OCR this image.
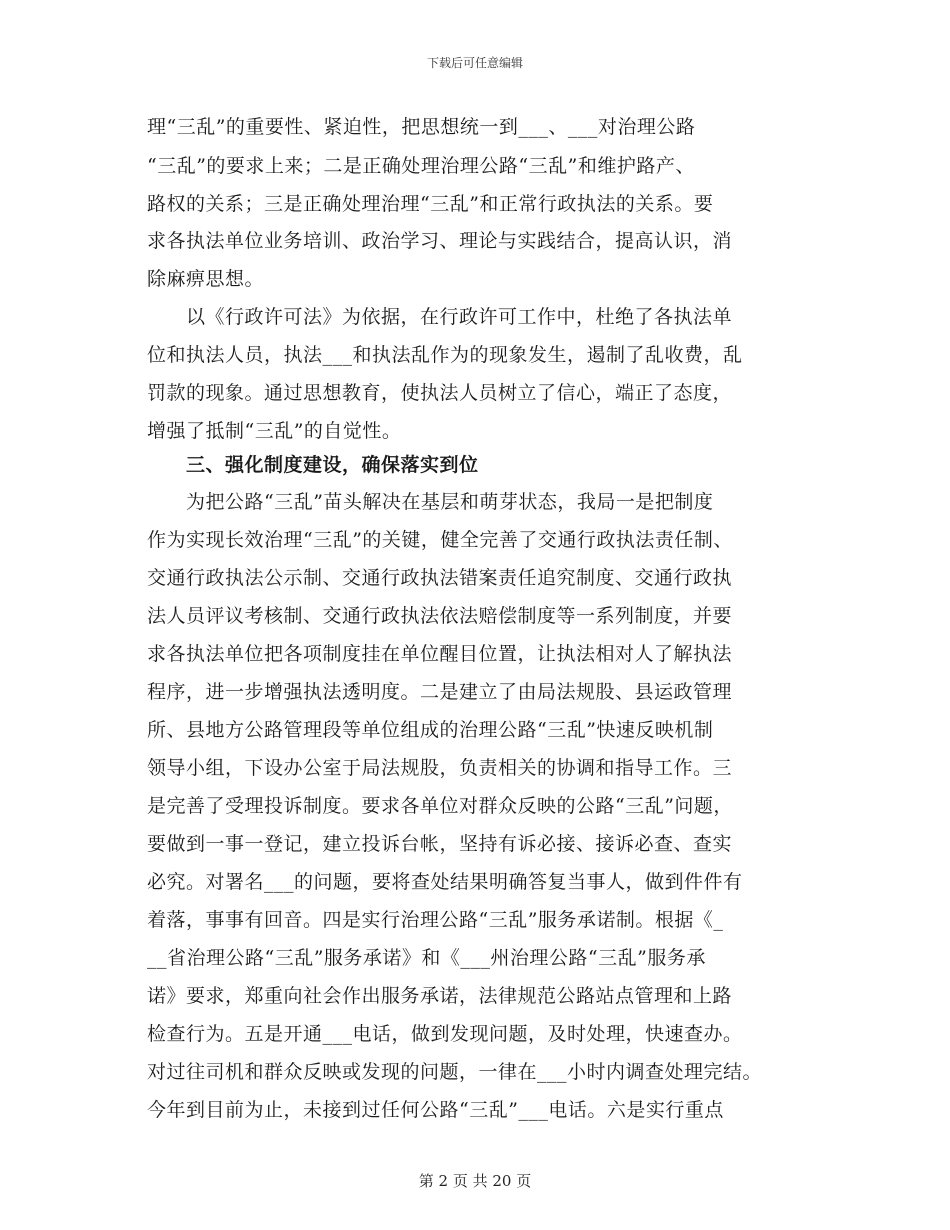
下载后可任意编辑
理“三乱”的重要性、紧迫性，把思想统一到___、___对治理公路
“三乱”的要求上来；二是正确处理治理公路“三乱”和维护路产、
路权的关系；三是正确处理治理“三乱”和正常行政执法的关系。要
求各执法单位业务培训、政治学习、理论与实践结合，提高认识，消
除麻痹思想。
以《行政许可法》为依据，在行政许可工作中，杜绝了各执法单
位和执法人员，执法___和执法乱作为的现象发生，遏制了乱收费，乱
罚款的现象。通过思想教育，使执法人员树立了信心，端正了态度，
增强了抵制“三乱”的自觉性。
三、强化制度建设，确保落实到位
为把公路“三乱”苗头解决在基层和萌芽状态，我局一是把制度
作为实现长效治理“三乱”的关键，健全完善了交通行政执法责任制、
交通行政执法公示制、交通行政执法错案责任追究制度、交通行政执
法人员评议考核制、交通行政执法依法赔偿制度等一系列制度，并要
求各执法单位把各项制度挂在单位醒目位置，让执法相对人了解执法
程序，进一步增强执法透明度。二是建立了由局法规股、县运政管理
所、县地方公路管理段等单位组成的治理公路“三乱”快速反映机制
领导小组，下设办公室于局法规股，负责相关的协调和指导工作。三
是完善了受理投诉制度。要求各单位对群众反映的公路“三乱”问题，
要做到一事一登记，建立投诉台帐，坚持有诉必接、接诉必查、查实
必究。对署名___的问题，要将查处结果明确答复当事人，做到件件有
着落，事事有回音。四是实行治理公路“三乱”服务承诺制。根据《_
__省治理公路“三乱”服务承诺》和《___州治理公路“三乱”服务承
诺》要求，郑重向社会作出服务承诺，法律规范公路站点管理和上路
检查行为。五是开通___电话，做到发现问题，及时处理，快速查办。
对过往司机和群众反映或发现的问题，一律在___小时内调查处理完结。
今年到目前为止，未接到过任何公路“三乱”___电话。六是实行重点
第 2 页 共 20 页
